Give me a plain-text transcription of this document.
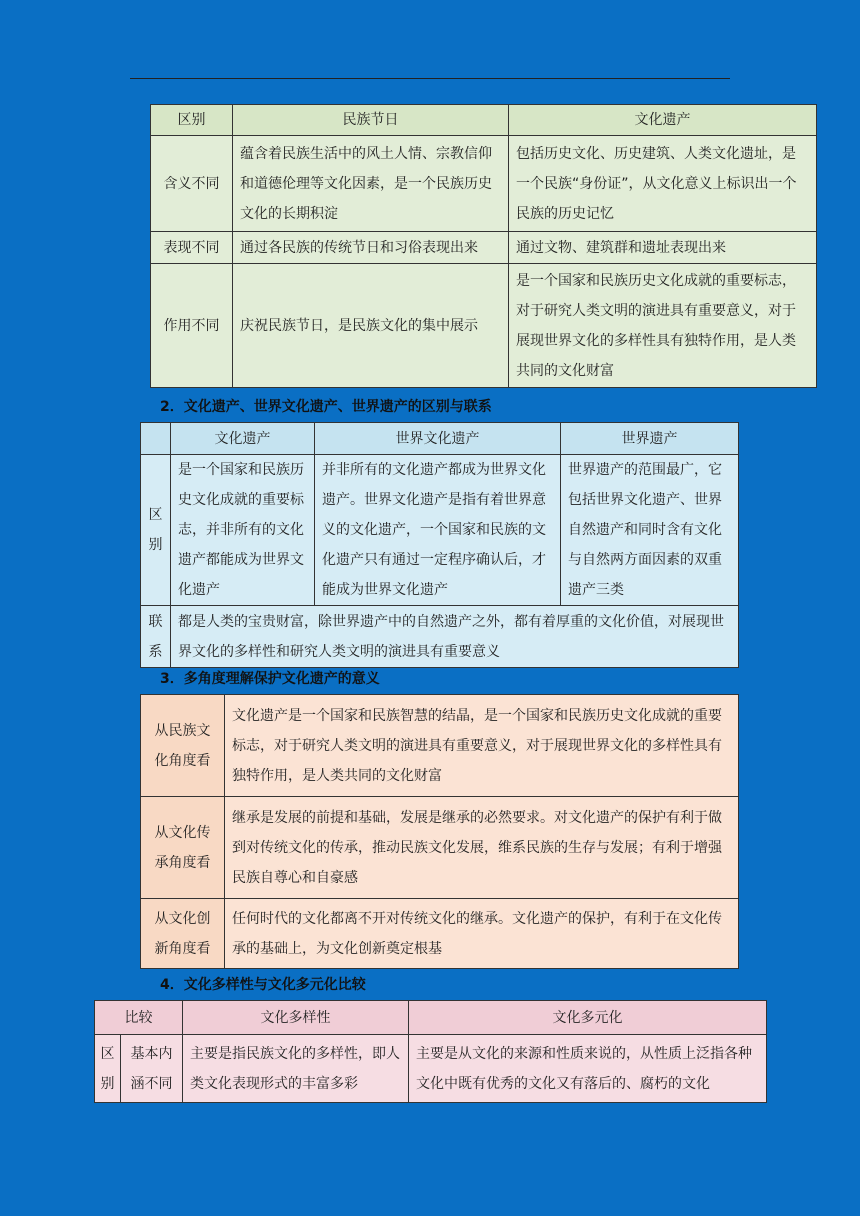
区别	民族节日	文化遗产
含义不同	蕴含着民族生活中的风土人情、宗教信仰和道德伦理等文化因素，是一个民族历史文化的长期积淀	包括历史文化、历史建筑、人类文化遗址，是一个民族“身份证”，从文化意义上标识出一个民族的历史记忆
表现不同	通过各民族的传统节日和习俗表现出来	通过文物、建筑群和遗址表现出来
作用不同	庆祝民族节日，是民族文化的集中展示	是一个国家和民族历史文化成就的重要标志，对于研究人类文明的演进具有重要意义，对于展现世界文化的多样性具有独特作用，是人类共同的文化财富
2．文化遗产、世界文化遗产、世界遗产的区别与联系
	文化遗产	世界文化遗产	世界遗产
区别	是一个国家和民族历史文化成就的重要标志，并非所有的文化遗产都能成为世界文化遗产	并非所有的文化遗产都成为世界文化遗产。世界文化遗产是指有着世界意义的文化遗产，一个国家和民族的文化遗产只有通过一定程序确认后，才能成为世界文化遗产	世界遗产的范围最广，它包括世界文化遗产、世界自然遗产和同时含有文化与自然两方面因素的双重遗产三类
联系	都是人类的宝贵财富，除世界遗产中的自然遗产之外，都有着厚重的文化价值，对展现世界文化的多样性和研究人类文明的演进具有重要意义		
3．多角度理解保护文化遗产的意义
从民族文化角度看	文化遗产是一个国家和民族智慧的结晶，是一个国家和民族历史文化成就的重要标志，对于研究人类文明的演进具有重要意义，对于展现世界文化的多样性具有独特作用，是人类共同的文化财富
从文化传承角度看	继承是发展的前提和基础，发展是继承的必然要求。对文化遗产的保护有利于做到对传统文化的传承，推动民族文化发展，维系民族的生存与发展；有利于增强民族自尊心和自豪感
从文化创新角度看	任何时代的文化都离不开对传统文化的继承。文化遗产的保护，有利于在文化传承的基础上，为文化创新奠定根基
4．文化多样性与文化多元化比较
比较		文化多样性	文化多元化
区别	基本内涵不同	主要是指民族文化的多样性，即人类文化表现形式的丰富多彩	主要是从文化的来源和性质来说的，从性质上泛指各种文化中既有优秀的文化又有落后的、腐朽的文化
